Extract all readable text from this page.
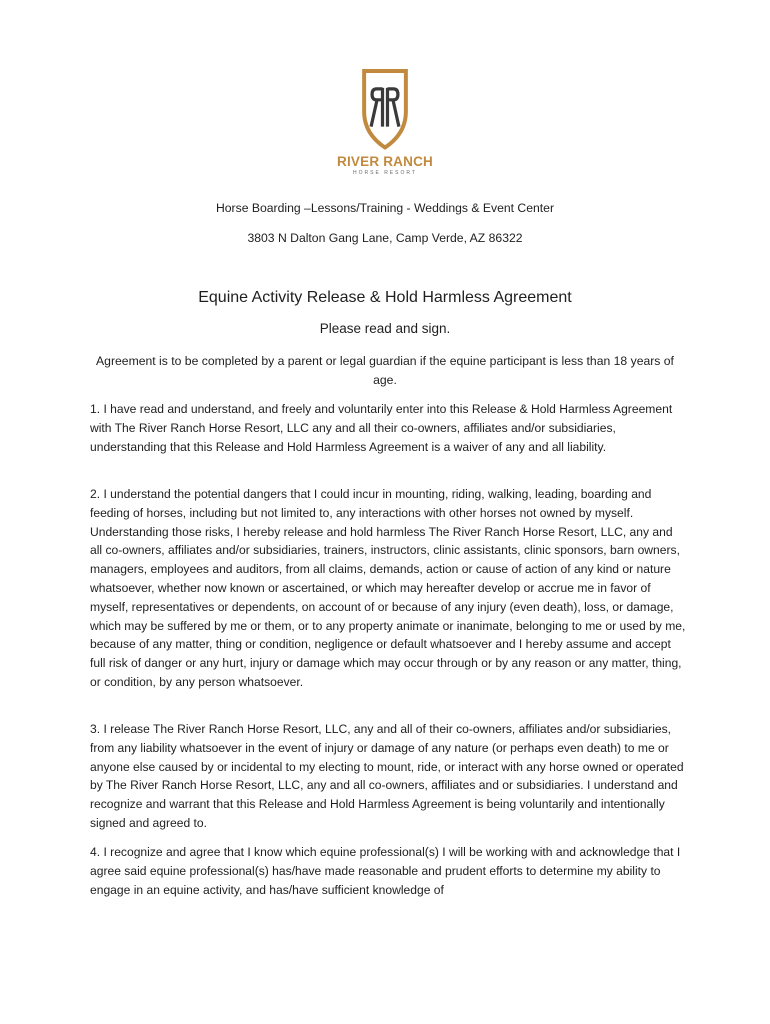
RIVER RANCH
HORSE RESORT
Horse Boarding –Lessons/Training - Weddings & Event Center
3803 N Dalton Gang Lane, Camp Verde, AZ 86322
Equine Activity Release & Hold Harmless Agreement
Please read and sign.
Agreement is to be completed by a parent or legal guardian if the equine participant is less than 18 years of age.

1. I have read and understand, and freely and voluntarily enter into this Release & Hold Harmless Agreement with The River Ranch Horse Resort, LLC any and all their co-owners, affiliates and/or subsidiaries, understanding that this Release and Hold Harmless Agreement is a waiver of any and all liability.

2. I understand the potential dangers that I could incur in mounting, riding, walking, leading, boarding and feeding of horses, including but not limited to, any interactions with other horses not owned by myself. Understanding those risks, I hereby release and hold harmless The River Ranch Horse Resort, LLC, any and all co-owners, affiliates and/or subsidiaries, trainers, instructors, clinic assistants, clinic sponsors, barn owners, managers, employees and auditors, from all claims, demands, action or cause of action of any kind or nature whatsoever, whether now known or ascertained, or which may hereafter develop or accrue me in favor of myself, representatives or dependents, on account of or because of any injury (even death), loss, or damage, which may be suffered by me or them, or to any property animate or inanimate, belonging to me or used by me, because of any matter, thing or condition, negligence or default whatsoever and I hereby assume and accept full risk of danger or any hurt, injury or damage which may occur through or by any reason or any matter, thing, or condition, by any person whatsoever.

3. I release The River Ranch Horse Resort, LLC, any and all of their co-owners, affiliates and/or subsidiaries, from any liability whatsoever in the event of injury or damage of any nature (or perhaps even death) to me or anyone else caused by or incidental to my electing to mount, ride, or interact with any horse owned or operated by The River Ranch Horse Resort, LLC, any and all co-owners, affiliates and or subsidiaries. I understand and recognize and warrant that this Release and Hold Harmless Agreement is being voluntarily and intentionally signed and agreed to.

4. I recognize and agree that I know which equine professional(s) I will be working with and acknowledge that I agree said equine professional(s) has/have made reasonable and prudent efforts to determine my ability to engage in an equine activity, and has/have sufficient knowledge of
